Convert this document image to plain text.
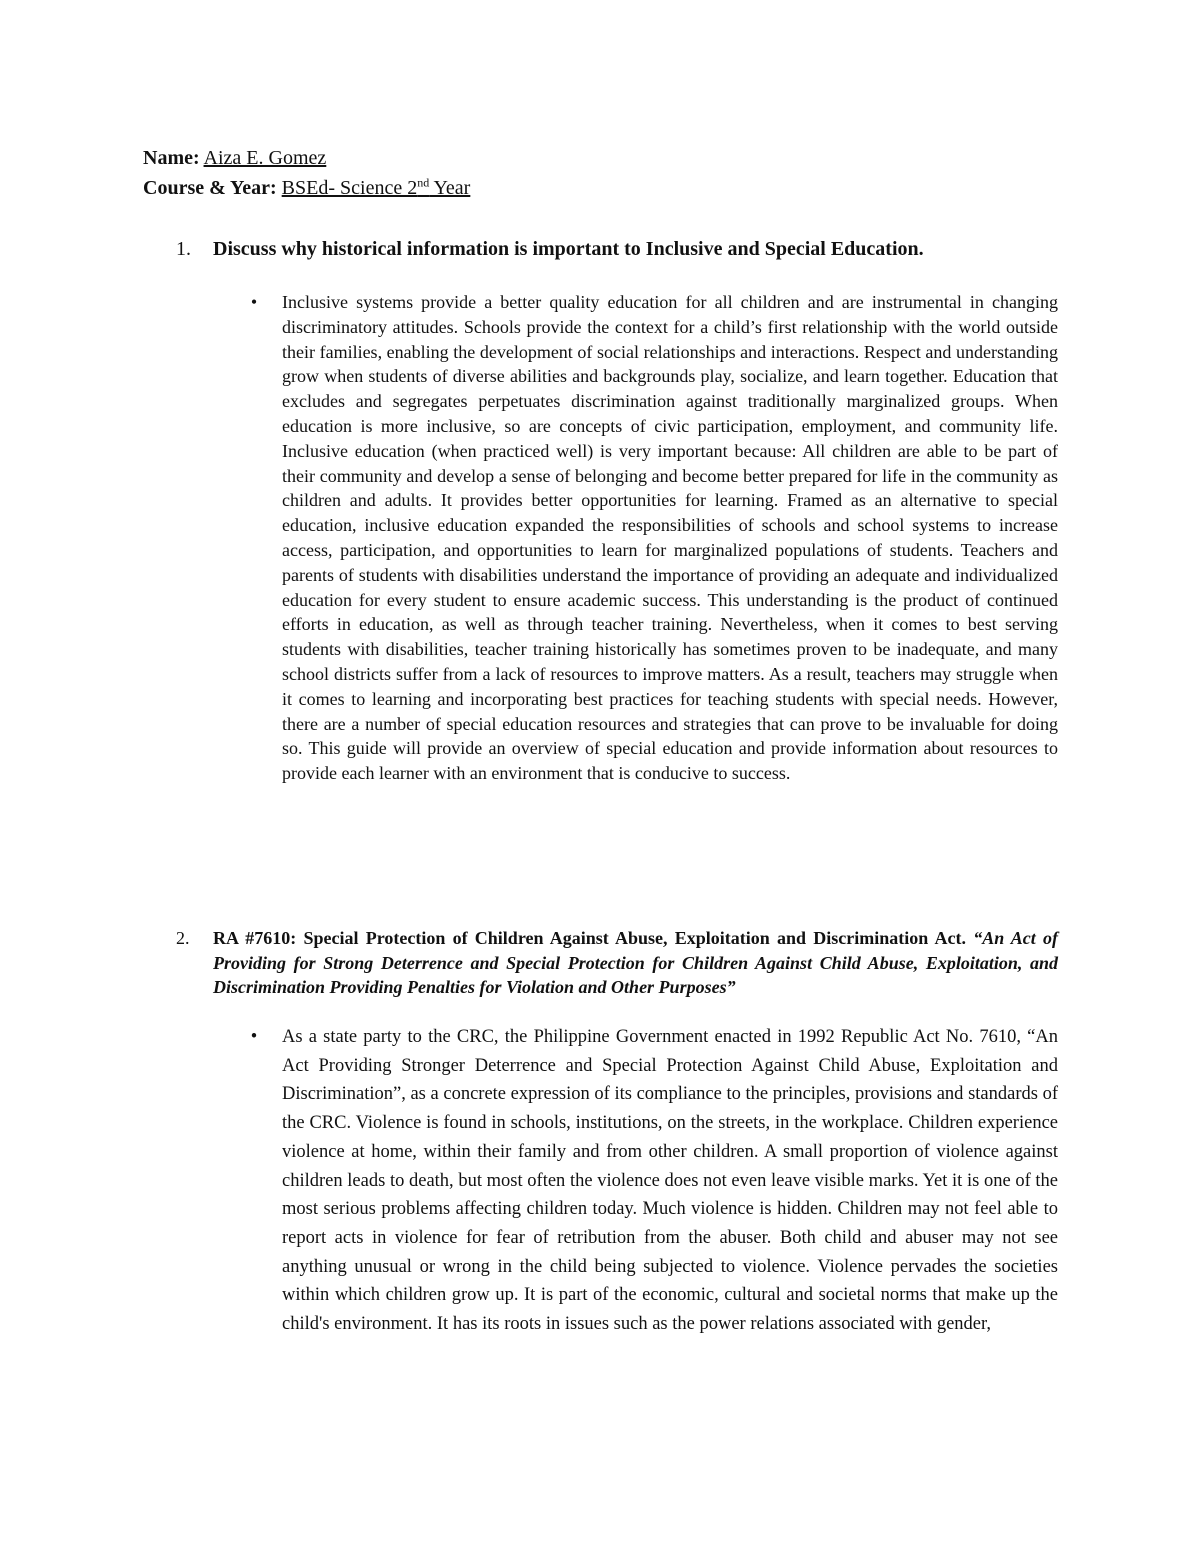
Name: Aiza E. Gomez
Course & Year: BSEd- Science 2nd Year
1.	Discuss why historical information is important to Inclusive and Special Education.
• Inclusive systems provide a better quality education for all children and are instrumental in changing discriminatory attitudes. Schools provide the context for a child’s first relationship with the world outside their families, enabling the development of social relationships and interactions. Respect and understanding grow when students of diverse abilities and backgrounds play, socialize, and learn together. Education that excludes and segregates perpetuates discrimination against traditionally marginalized groups. When education is more inclusive, so are concepts of civic participation, employment, and community life. Inclusive education (when practiced well) is very important because: All children are able to be part of their community and develop a sense of belonging and become better prepared for life in the community as children and adults. It provides better opportunities for learning. Framed as an alternative to special education, inclusive education expanded the responsibilities of schools and school systems to increase access, participation, and opportunities to learn for marginalized populations of students. Teachers and parents of students with disabilities understand the importance of providing an adequate and individualized education for every student to ensure academic success. This understanding is the product of continued efforts in education, as well as through teacher training. Nevertheless, when it comes to best serving students with disabilities, teacher training historically has sometimes proven to be inadequate, and many school districts suffer from a lack of resources to improve matters. As a result, teachers may struggle when it comes to learning and incorporating best practices for teaching students with special needs. However, there are a number of special education resources and strategies that can prove to be invaluable for doing so. This guide will provide an overview of special education and provide information about resources to provide each learner with an environment that is conducive to success.
2.	RA #7610: Special Protection of Children Against Abuse, Exploitation and Discrimination Act. “An Act of Providing for Strong Deterrence and Special Protection for Children Against Child Abuse, Exploitation, and Discrimination Providing Penalties for Violation and Other Purposes”
• As a state party to the CRC, the Philippine Government enacted in 1992 Republic Act No. 7610, “An Act Providing Stronger Deterrence and Special Protection Against Child Abuse, Exploitation and Discrimination”, as a concrete expression of its compliance to the principles, provisions and standards of the CRC. Violence is found in schools, institutions, on the streets, in the workplace. Children experience violence at home, within their family and from other children. A small proportion of violence against children leads to death, but most often the violence does not even leave visible marks. Yet it is one of the most serious problems affecting children today. Much violence is hidden. Children may not feel able to report acts in violence for fear of retribution from the abuser. Both child and abuser may not see anything unusual or wrong in the child being subjected to violence. Violence pervades the societies within which children grow up. It is part of the economic, cultural and societal norms that make up the child's environment. It has its roots in issues such as the power relations associated with gender,
